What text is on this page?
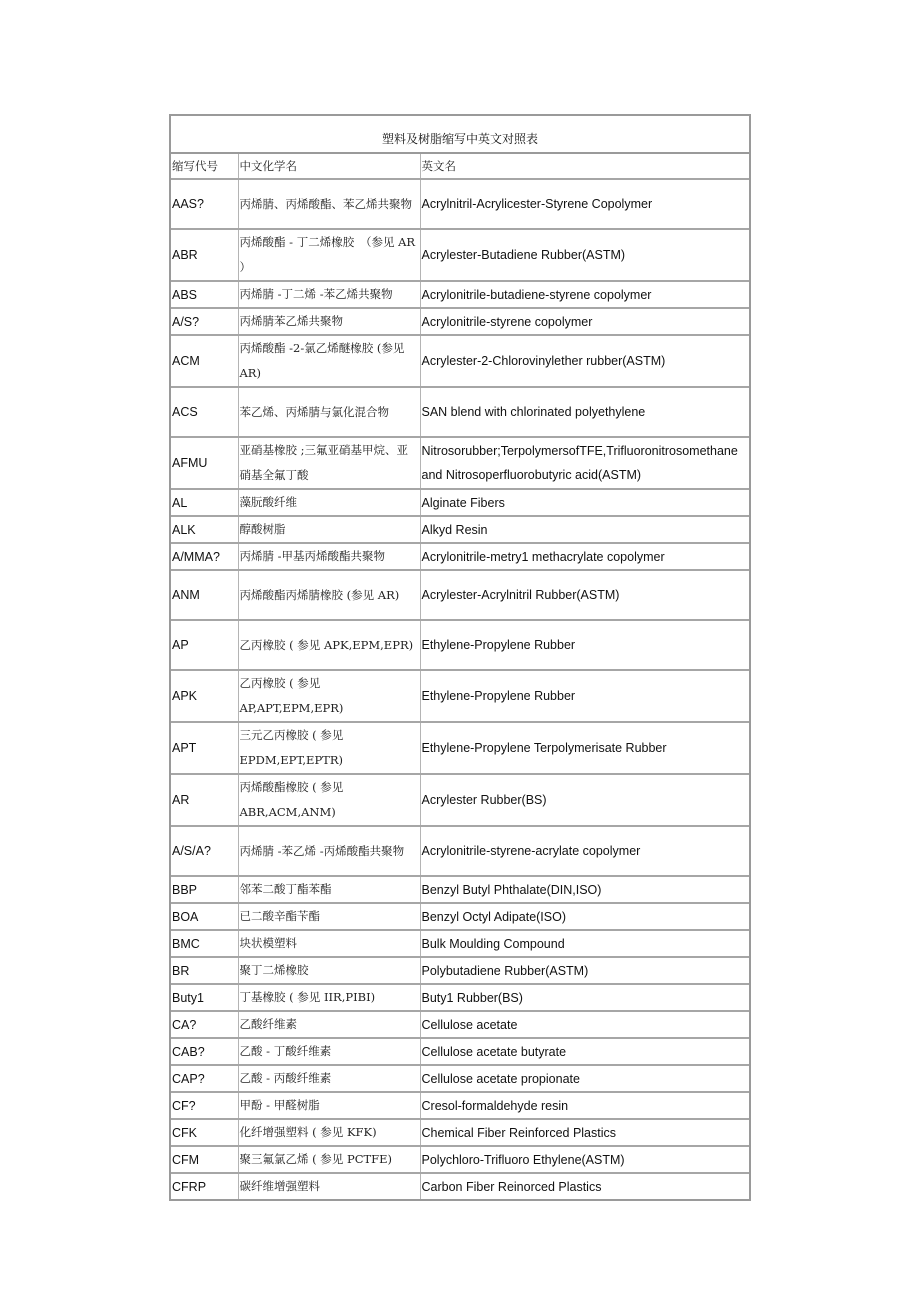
塑料及树脂缩写中英文对照表
缩写代号	中文化学名	英文名
AAS?	丙烯腈、丙烯酸酯、苯乙烯共聚物	Acrylnitril-Acrylicester-Styrene Copolymer
ABR	丙烯酸酯 - 丁二烯橡胶　（参见 AR ）	Acrylester-Butadiene Rubber(ASTM)
ABS	丙烯腈 -丁二烯 -苯乙烯共聚物	Acrylonitrile-butadiene-styrene copolymer
A/S?	丙烯腈苯乙烯共聚物	Acrylonitrile-styrene copolymer
ACM	丙烯酸酯 -2-氯乙烯醚橡胶 (参见 AR)	Acrylester-2-Chlorovinylether rubber(ASTM)
ACS	苯乙烯、丙烯腈与氯化混合物	SAN blend with chlorinated polyethylene
AFMU	亚硝基橡胶 ;三氟亚硝基甲烷、亚硝基全氟丁酸	Nitrosorubber;TerpolymersofTFE,Trifluoronitrosomethane and Nitrosoperfluorobutyric acid(ASTM)
AL	藻朊酸纤维	Alginate Fibers
ALK	醇酸树脂	Alkyd Resin
A/MMA?	丙烯腈 -甲基丙烯酸酯共聚物	Acrylonitrile-metry1 methacrylate copolymer
ANM	丙烯酸酯丙烯腈橡胶 (参见 AR)	Acrylester-Acrylnitril Rubber(ASTM)
AP	乙丙橡胶 ( 参见 APK,EPM,EPR)	Ethylene-Propylene Rubber
APK	乙丙橡胶 ( 参见 AP,APT,EPM,EPR)	Ethylene-Propylene Rubber
APT	三元乙丙橡胶 ( 参见 EPDM,EPT,EPTR)	Ethylene-Propylene Terpolymerisate Rubber
AR	丙烯酸酯橡胶 ( 参见 ABR,ACM,ANM)	Acrylester Rubber(BS)
A/S/A?	丙烯腈 -苯乙烯 -丙烯酸酯共聚物	Acrylonitrile-styrene-acrylate copolymer
BBP	邻苯二酸丁酯苯酯	Benzyl Butyl Phthalate(DIN,ISO)
BOA	已二酸辛酯苄酯	Benzyl Octyl Adipate(ISO)
BMC	块状模塑料	Bulk Moulding Compound
BR	聚丁二烯橡胶	Polybutadiene Rubber(ASTM)
Buty1	丁基橡胶 ( 参见 IIR,PIBI)	Buty1 Rubber(BS)
CA?	乙酸纤维素	Cellulose acetate
CAB?	乙酸 - 丁酸纤维素	Cellulose acetate butyrate
CAP?	乙酸 - 丙酸纤维素	Cellulose acetate propionate
CF?	甲酚 - 甲醛树脂	Cresol-formaldehyde resin
CFK	化纤增强塑料 ( 参见 KFK)	Chemical Fiber Reinforced Plastics
CFM	聚三氟氯乙烯 ( 参见 PCTFE)	Polychloro-Trifluoro Ethylene(ASTM)
CFRP	碳纤维增强塑料	Carbon Fiber Reinorced Plastics
